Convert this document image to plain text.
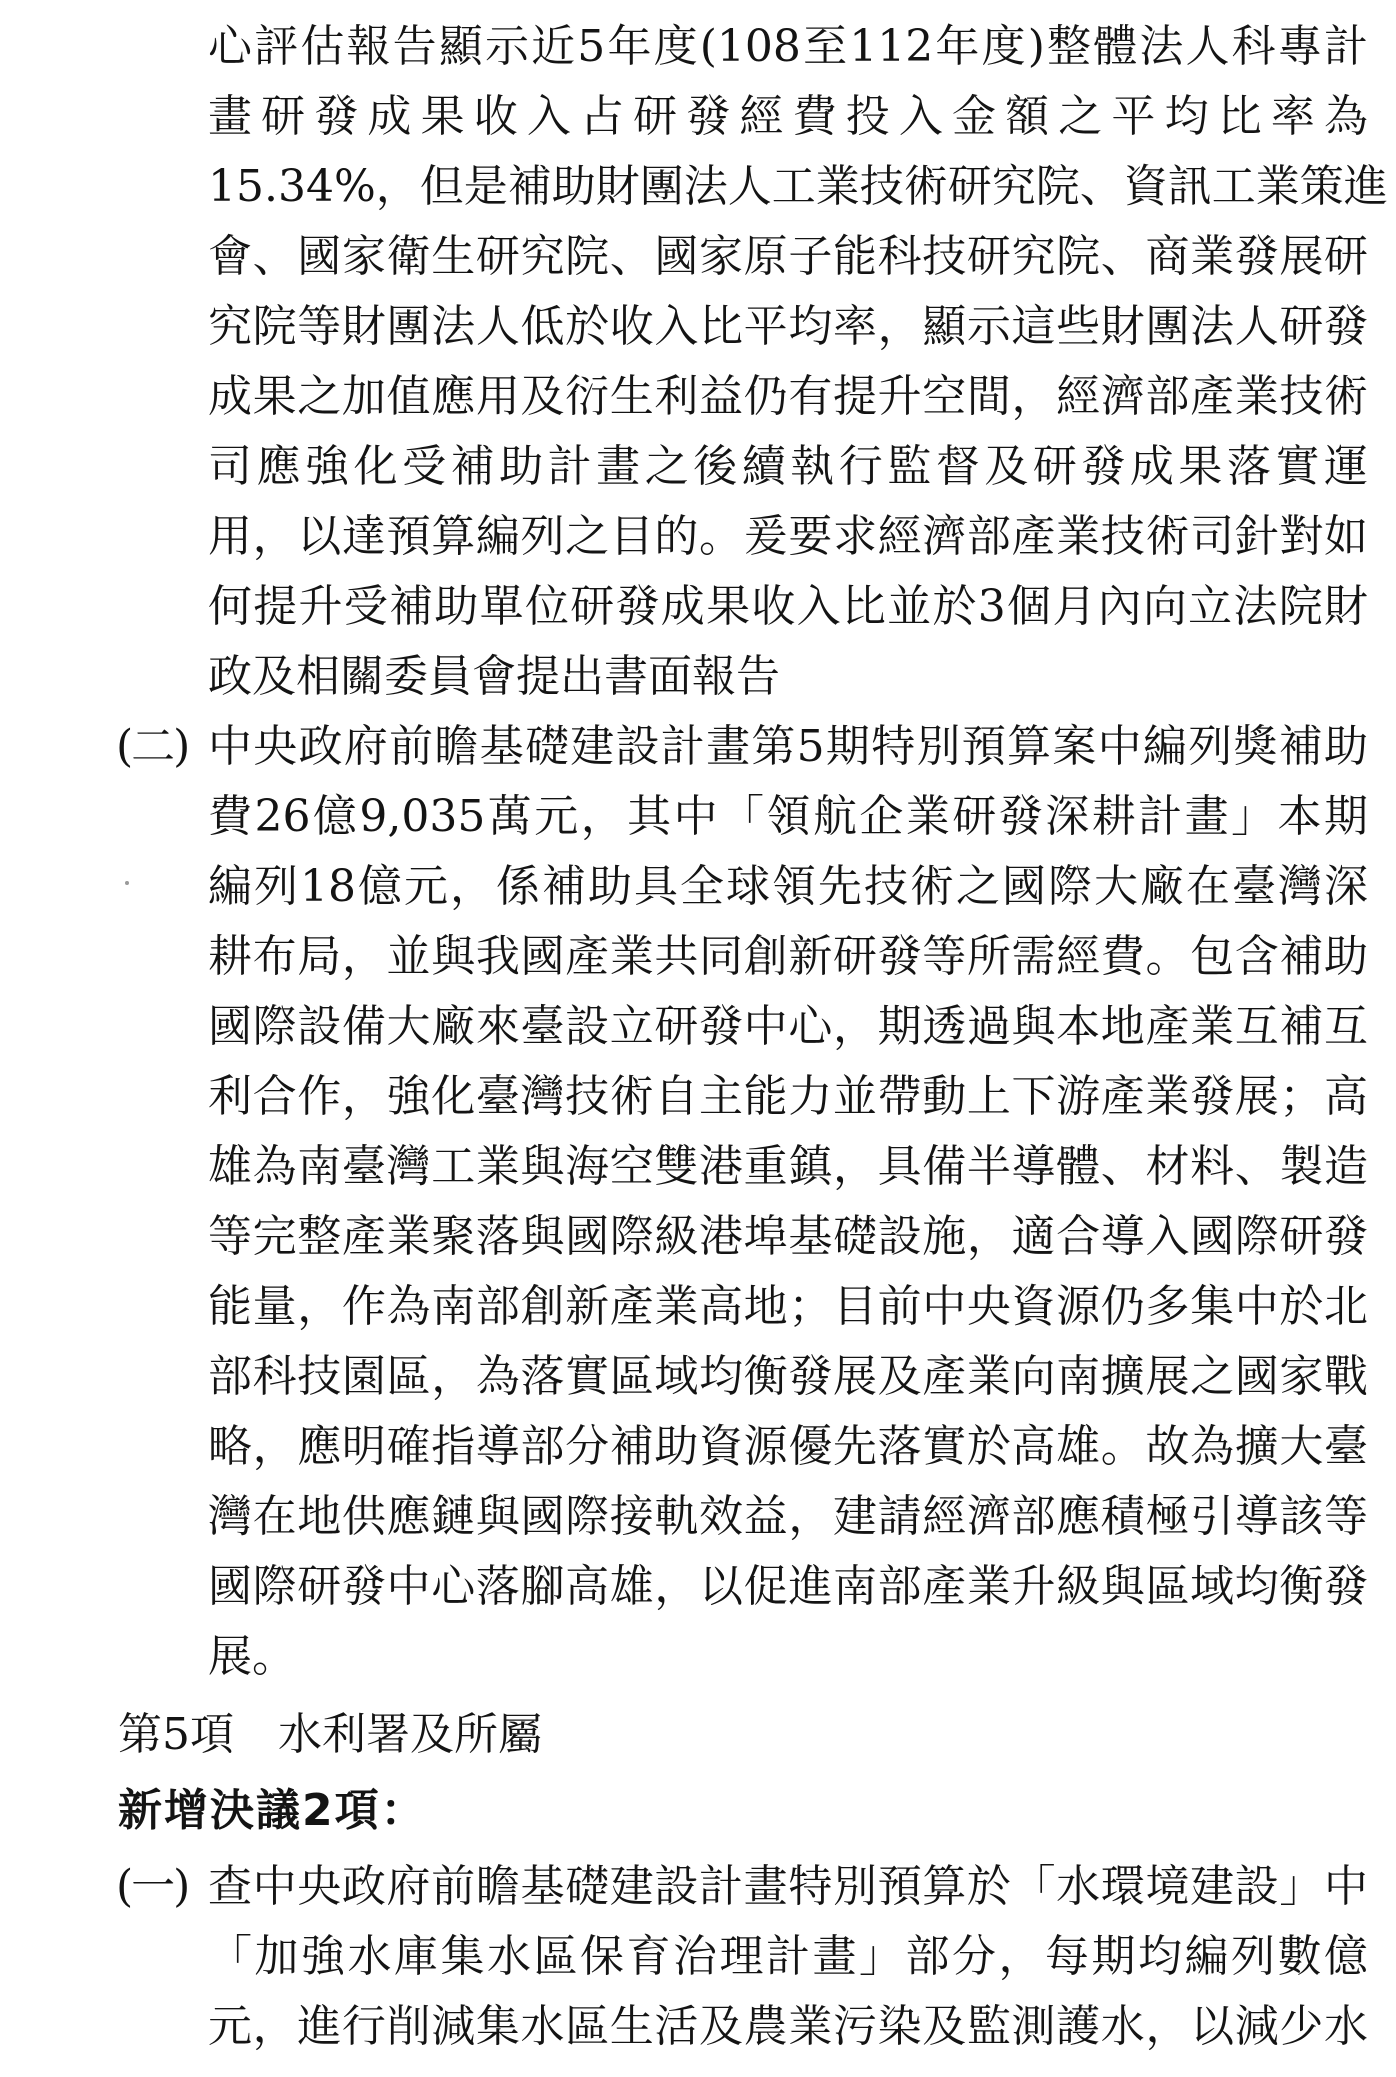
心評估報告顯示近5年度(108至112年度)整體法人科專計
畫研發成果收入占研發經費投入金額之平均比率為
15.34%，但是補助財團法人工業技術研究院、資訊工業策進
會、國家衛生研究院、國家原子能科技研究院、商業發展研
究院等財團法人低於收入比平均率，顯示這些財團法人研發
成果之加值應用及衍生利益仍有提升空間，經濟部產業技術
司應強化受補助計畫之後續執行監督及研發成果落實運
用，以達預算編列之目的。爰要求經濟部產業技術司針對如
何提升受補助單位研發成果收入比並於3個月內向立法院財
政及相關委員會提出書面報告
(二) 中央政府前瞻基礎建設計畫第5期特別預算案中編列獎補助
費26億9,035萬元，其中「領航企業研發深耕計畫」本期
編列18億元，係補助具全球領先技術之國際大廠在臺灣深
耕布局，並與我國產業共同創新研發等所需經費。包含補助
國際設備大廠來臺設立研發中心，期透過與本地產業互補互
利合作，強化臺灣技術自主能力並帶動上下游產業發展；高
雄為南臺灣工業與海空雙港重鎮，具備半導體、材料、製造
等完整產業聚落與國際級港埠基礎設施，適合導入國際研發
能量，作為南部創新產業高地；目前中央資源仍多集中於北
部科技園區，為落實區域均衡發展及產業向南擴展之國家戰
略，應明確指導部分補助資源優先落實於高雄。故為擴大臺
灣在地供應鏈與國際接軌效益，建請經濟部應積極引導該等
國際研發中心落腳高雄，以促進南部產業升級與區域均衡發
展。
第5項　水利署及所屬
新增決議2項：
(一) 查中央政府前瞻基礎建設計畫特別預算於「水環境建設」中
「加強水庫集水區保育治理計畫」部分，每期均編列數億
元，進行削減集水區生活及農業污染及監測護水，以減少水
